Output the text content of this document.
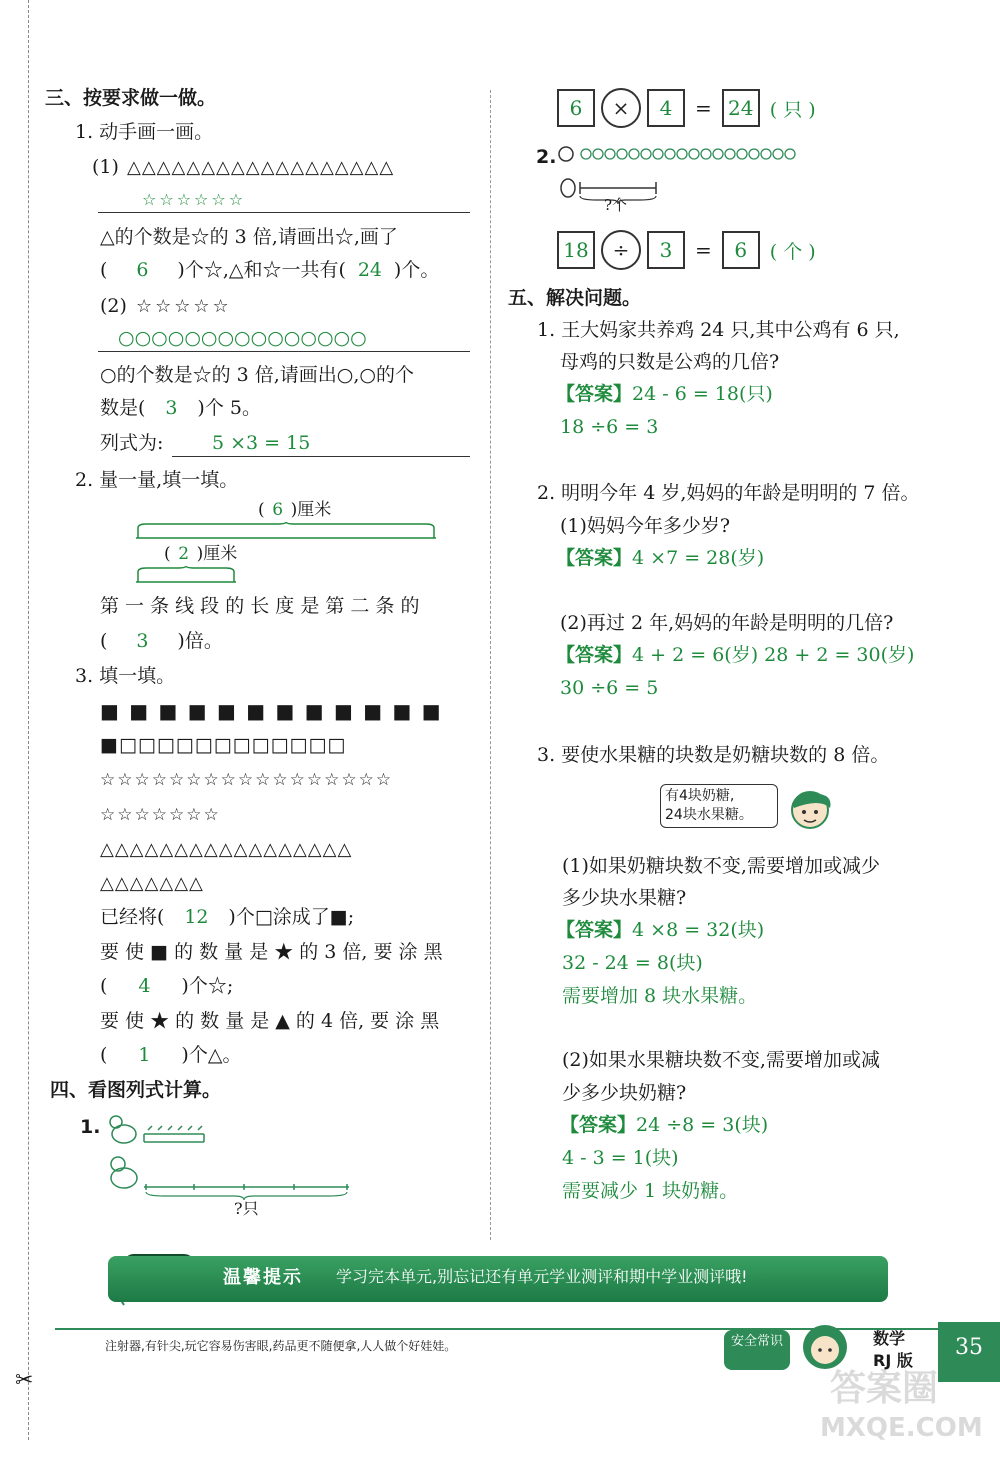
三、按要求做一做。
1. 动手画一画。
(1) △△△△△△△△△△△△△△△△△△
☆☆☆☆☆☆
△的个数是☆的 3 倍,请画出☆,画了
( 6 )个☆,△和☆一共有( 24 )个。
(2) ☆☆☆☆☆
○○○○○○○○○○○○○○○
○的个数是☆的 3 倍,请画出○,○的个
数是( 3 )个 5。
列式为:	5 ×3 = 15
2. 量一量,填一填。
( 6 )厘米
( 2 )厘米
第 一 条 线 段 的 长 度 是 第 二 条 的
( 3 )倍。
3. 填一填。
■ ■ ■ ■ ■ ■ ■ ■ ■ ■ ■ ■
■□□□□□□□□□□□□
☆☆☆☆☆☆☆☆☆☆☆☆☆☆☆☆☆
☆☆☆☆☆☆☆
△△△△△△△△△△△△△△△△△
△△△△△△△
已经将( 12 )个□涂成了■;
要 使 ■ 的 数 量 是 ★ 的 3 倍, 要 涂 黑
( 4 )个☆;
要 使 ★ 的 数 量 是 ▲ 的 4 倍, 要 涂 黑
( 1 )个△。
四、看图列式计算。
1.
?只
6	×	4	= 24 ( 只 )
2.
?个
18	÷	3	=	6	( 个 )
五、解决问题。
1. 王大妈家共养鸡 24 只,其中公鸡有 6 只,
母鸡的只数是公鸡的几倍?
【答案】24 - 6 = 18(只)
18 ÷6 = 3
2. 明明今年 4 岁,妈妈的年龄是明明的 7 倍。
(1)妈妈今年多少岁?
【答案】4 ×7 = 28(岁)
(2)再过 2 年,妈妈的年龄是明明的几倍?
【答案】4 + 2 = 6(岁) 28 + 2 = 30(岁)
30 ÷6 = 5
3. 要使水果糖的块数是奶糖块数的 8 倍。
有4块奶糖,
24块水果糖。
(1)如果奶糖块数不变,需要增加或减少
多少块水果糖?
【答案】4 ×8 = 32(块)
32 - 24 = 8(块)
需要增加 8 块水果糖。
(2)如果水果糖块数不变,需要增加或减
少多少块奶糖?
【答案】24 ÷8 = 3(块)
4 - 3 = 1(块)
需要减少 1 块奶糖。
温馨提示 学习完本单元,别忘记还有单元学业测评和期中学业测评哦!
✂
注射器,有针尖,玩它容易伤害眼,药品更不随便拿,人人做个好娃娃。	安全常识	数学
RJ 版
35
答案圈
MXQE.COM
